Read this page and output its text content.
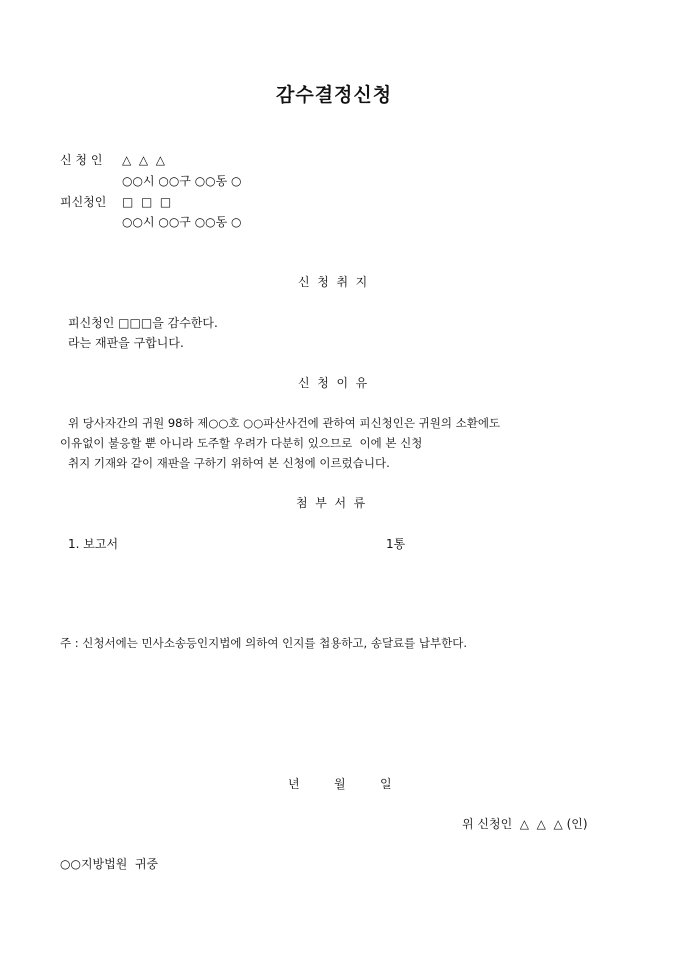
감수결정신청
신 청 인 △  △  △
○○시 ○○구 ○○동 ○
피신청인 □  □  □
○○시 ○○구 ○○동 ○
신  청  취  지
피신청인 □□□을 감수한다.
라는 재판을 구합니다.
신  청  이  유
위 당사자간의 귀원 98하 제○○호 ○○파산사건에 관하여 피신청인은 귀원의 소환에도
이유없이 불응할 뿐 아니라 도주할 우려가 다분히 있으므로  이에 본 신청
취지 기재와 같이 재판을 구하기 위하여 본 신청에 이르렀습니다.
첨  부  서  류
1. 보고서	1통
주 : 신청서에는 민사소송등인지법에 의하여 인지를 첩용하고, 송달료를 납부한다.
년	월	일
위 신청인  △  △  △ (인)
○○지방법원  귀중
